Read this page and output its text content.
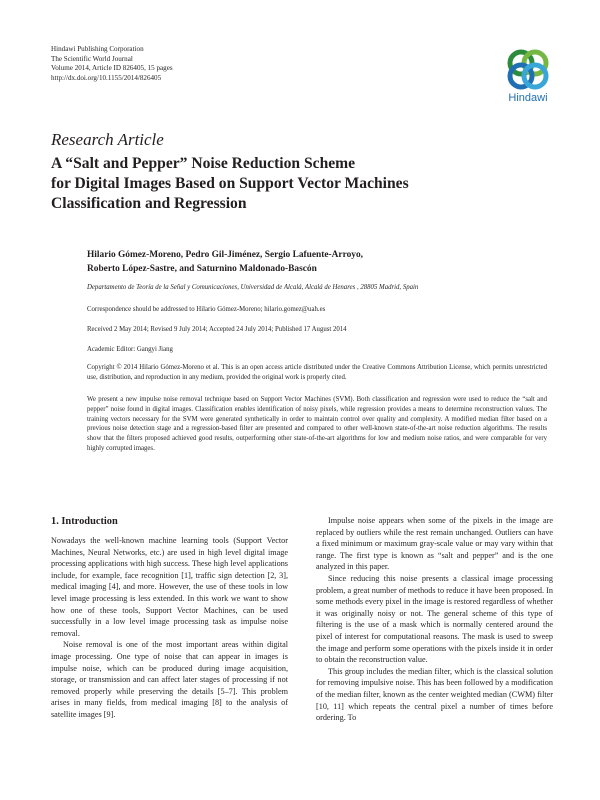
Hindawi Publishing Corporation
The Scientific World Journal
Volume 2014, Article ID 826405, 15 pages
http://dx.doi.org/10.1155/2014/826405
Hindawi
Research Article
A “Salt and Pepper” Noise Reduction Scheme
for Digital Images Based on Support Vector Machines
Classification and Regression
Hilario Gómez-Moreno, Pedro Gil-Jiménez, Sergio Lafuente-Arroyo,
Roberto López-Sastre, and Saturnino Maldonado-Bascón
Departamento de Teoría de la Señal y Comunicaciones, Universidad de Alcalá, Alcalá de Henares , 28805 Madrid, Spain
Correspondence should be addressed to Hilario Gómez-Moreno; hilario.gomez@uah.es
Received 2 May 2014; Revised 9 July 2014; Accepted 24 July 2014; Published 17 August 2014
Academic Editor: Gangyi Jiang
Copyright © 2014 Hilario Gómez-Moreno et al. This is an open access article distributed under the Creative Commons Attribution License, which permits unrestricted use, distribution, and reproduction in any medium, provided the original work is properly cited.
We present a new impulse noise removal technique based on Support Vector Machines (SVM). Both classification and regression were used to reduce the “salt and pepper” noise found in digital images. Classification enables identification of noisy pixels, while regression provides a means to determine reconstruction values. The training vectors necessary for the SVM were generated synthetically in order to maintain control over quality and complexity. A modified median filter based on a previous noise detection stage and a regression-based filter are presented and compared to other well-known state-of-the-art noise reduction algorithms. The results show that the filters proposed achieved good results, outperforming other state-of-the-art algorithms for low and medium noise ratios, and were comparable for very highly corrupted images.
1. Introduction

Nowadays the well-known machine learning tools (Support Vector Machines, Neural Networks, etc.) are used in high level digital image processing applications with high success. These high level applications include, for example, face recognition [1], traffic sign detection [2, 3], medical imaging [4], and more. However, the use of these tools in low level image processing is less extended. In this work we want to show how one of these tools, Support Vector Machines, can be used successfully in a low level image processing task as impulse noise removal.

Noise removal is one of the most important areas within digital image processing. One type of noise that can appear in images is impulse noise, which can be produced during image acquisition, storage, or transmission and can affect later stages of processing if not removed properly while preserving the details [5–7]. This problem arises in many fields, from medical imaging [8] to the analysis of satellite images [9].

Impulse noise appears when some of the pixels in the image are replaced by outliers while the rest remain unchanged. Outliers can have a fixed minimum or maximum gray-scale value or may vary within that range. The first type is known as “salt and pepper” and is the one analyzed in this paper.

Since reducing this noise presents a classical image processing problem, a great number of methods to reduce it have been proposed. In some methods every pixel in the image is restored regardless of whether it was originally noisy or not. The general scheme of this type of filtering is the use of a mask which is normally centered around the pixel of interest for computational reasons. The mask is used to sweep the image and perform some operations with the pixels inside it in order to obtain the reconstruction value.

This group includes the median filter, which is the classical solution for removing impulsive noise. This has been followed by a modification of the median filter, known as the center weighted median (CWM) filter [10, 11] which repeats the central pixel a number of times before ordering. To
